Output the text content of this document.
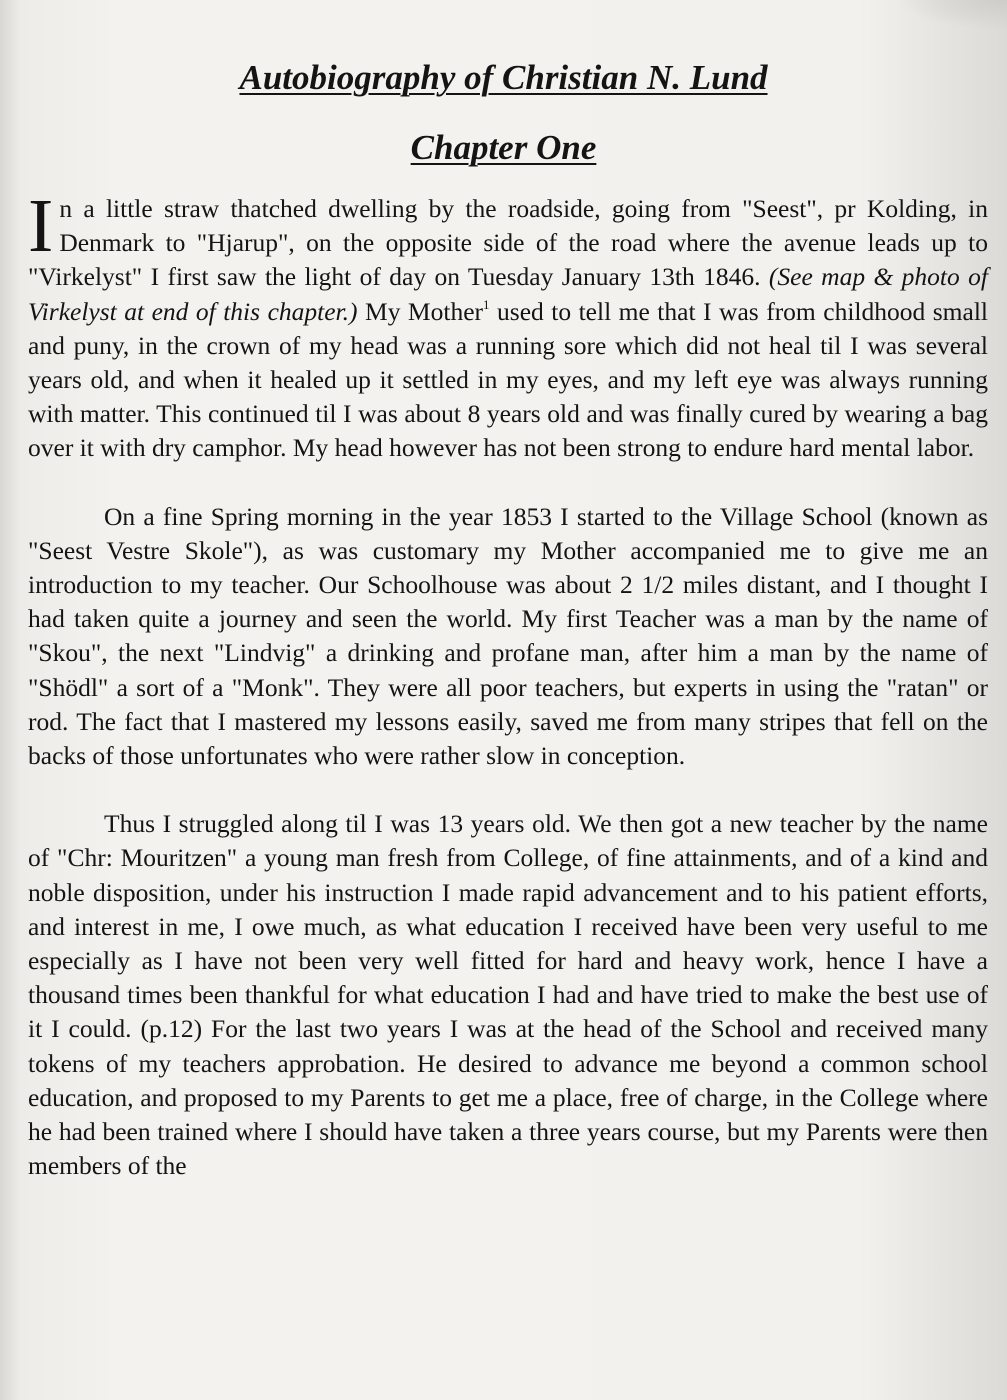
Autobiography of Christian N. Lund
Chapter One

In a little straw thatched dwelling by the roadside, going from "Seest", pr Kolding, in Denmark to "Hjarup", on the opposite side of the road where the avenue leads up to "Virkelyst" I first saw the light of day on Tuesday January 13th 1846. (See map & photo of Virkelyst at end of this chapter.) My Mother$^1$ used to tell me that I was from childhood small and puny, in the crown of my head was a running sore which did not heal til I was several years old, and when it healed up it settled in my eyes, and my left eye was always running with matter. This continued til I was about 8 years old and was finally cured by wearing a bag over it with dry camphor. My head however has not been strong to endure hard mental labor.

On a fine Spring morning in the year 1853 I started to the Village School (known as "Seest Vestre Skole"), as was customary my Mother accompanied me to give me an introduction to my teacher. Our Schoolhouse was about 2 1/2 miles distant, and I thought I had taken quite a journey and seen the world. My first Teacher was a man by the name of "Skou", the next "Lindvig" a drinking and profane man, after him a man by the name of "Shödl" a sort of a "Monk". They were all poor teachers, but experts in using the "ratan" or rod. The fact that I mastered my lessons easily, saved me from many stripes that fell on the backs of those unfortunates who were rather slow in conception.

Thus I struggled along til I was 13 years old. We then got a new teacher by the name of "Chr: Mouritzen" a young man fresh from College, of fine attainments, and of a kind and noble disposition, under his instruction I made rapid advancement and to his patient efforts, and interest in me, I owe much, as what education I received have been very useful to me especially as I have not been very well fitted for hard and heavy work, hence I have a thousand times been thankful for what education I had and have tried to make the best use of it I could. (p.12) For the last two years I was at the head of the School and received many tokens of my teachers approbation. He desired to advance me beyond a common school education, and proposed to my Parents to get me a place, free of charge, in the College where he had been trained where I should have taken a three years course, but my Parents were then members of the
